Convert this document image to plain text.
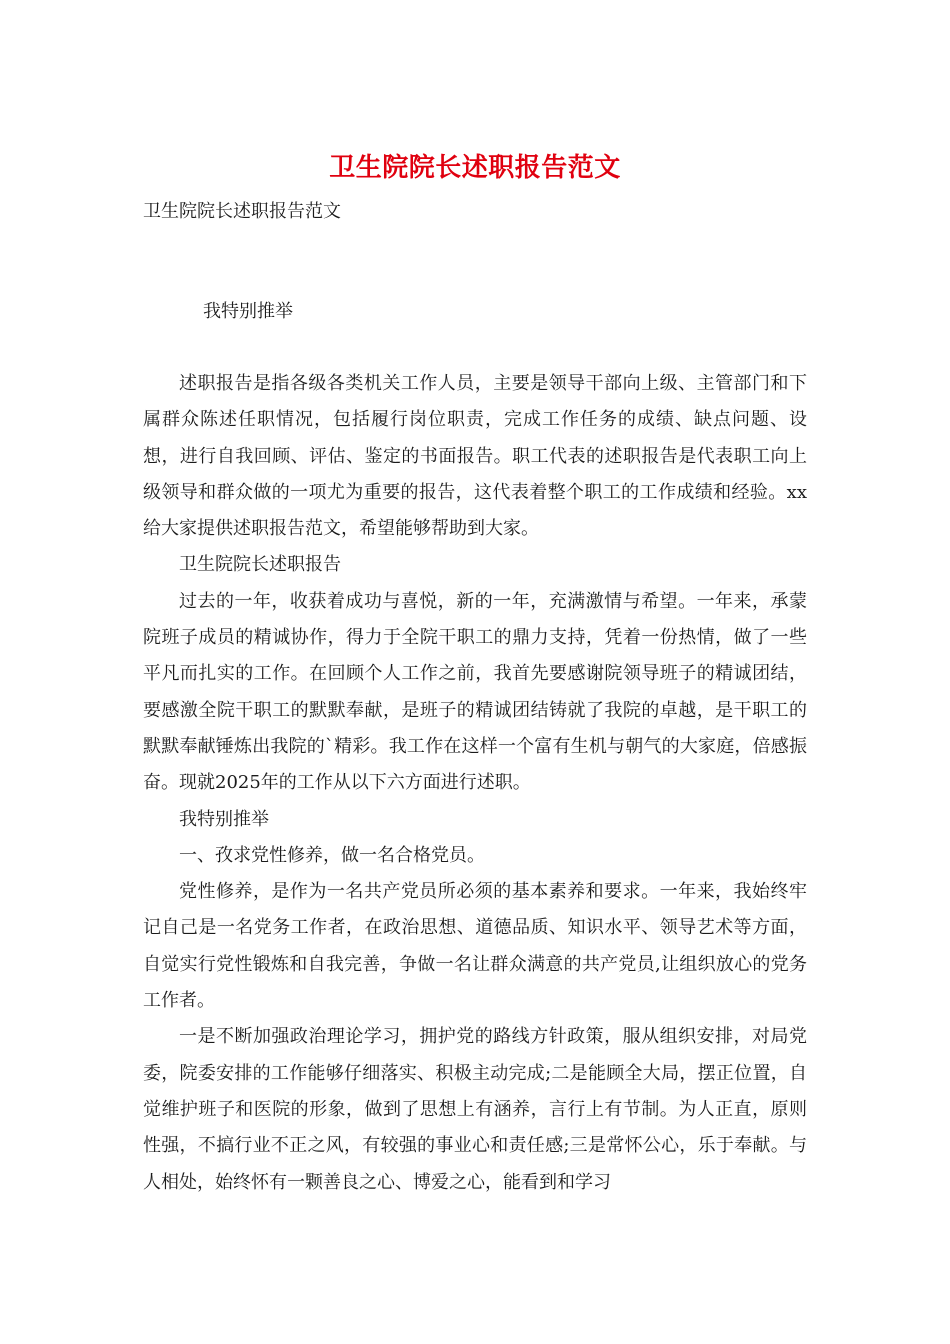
卫生院院长述职报告范文
卫生院院长述职报告范文
我特别推举

述职报告是指各级各类机关工作人员，主要是领导干部向上级、主管部门和下属群众陈述任职情况，包括履行岗位职责，完成工作任务的成绩、缺点问题、设想，进行自我回顾、评估、鉴定的书面报告。职工代表的述职报告是代表职工向上级领导和群众做的一项尤为重要的报告，这代表着整个职工的工作成绩和经验。xx给大家提供述职报告范文，希望能够帮助到大家。

卫生院院长述职报告

过去的一年，收获着成功与喜悦，新的一年，充满激情与希望。一年来，承蒙院班子成员的精诚协作，得力于全院干职工的鼎力支持，凭着一份热情，做了一些平凡而扎实的工作。在回顾个人工作之前，我首先要感谢院领导班子的精诚团结，要感激全院干职工的默默奉献，是班子的精诚团结铸就了我院的卓越，是干职工的默默奉献锤炼出我院的`精彩。我工作在这样一个富有生机与朝气的大家庭，倍感振奋。现就2025年的工作从以下六方面进行述职。

我特别推举

一、孜求党性修养，做一名合格党员。

党性修养，是作为一名共产党员所必须的基本素养和要求。一年来，我始终牢记自己是一名党务工作者，在政治思想、道德品质、知识水平、领导艺术等方面，自觉实行党性锻炼和自我完善，争做一名让群众满意的共产党员,让组织放心的党务工作者。

一是不断加强政治理论学习，拥护党的路线方针政策，服从组织安排，对局党委，院委安排的工作能够仔细落实、积极主动完成;二是能顾全大局，摆正位置，自觉维护班子和医院的形象，做到了思想上有涵养，言行上有节制。为人正直，原则性强，不搞行业不正之风，有较强的事业心和责任感;三是常怀公心，乐于奉献。与人相处，始终怀有一颗善良之心、博爱之心，能看到和学习
